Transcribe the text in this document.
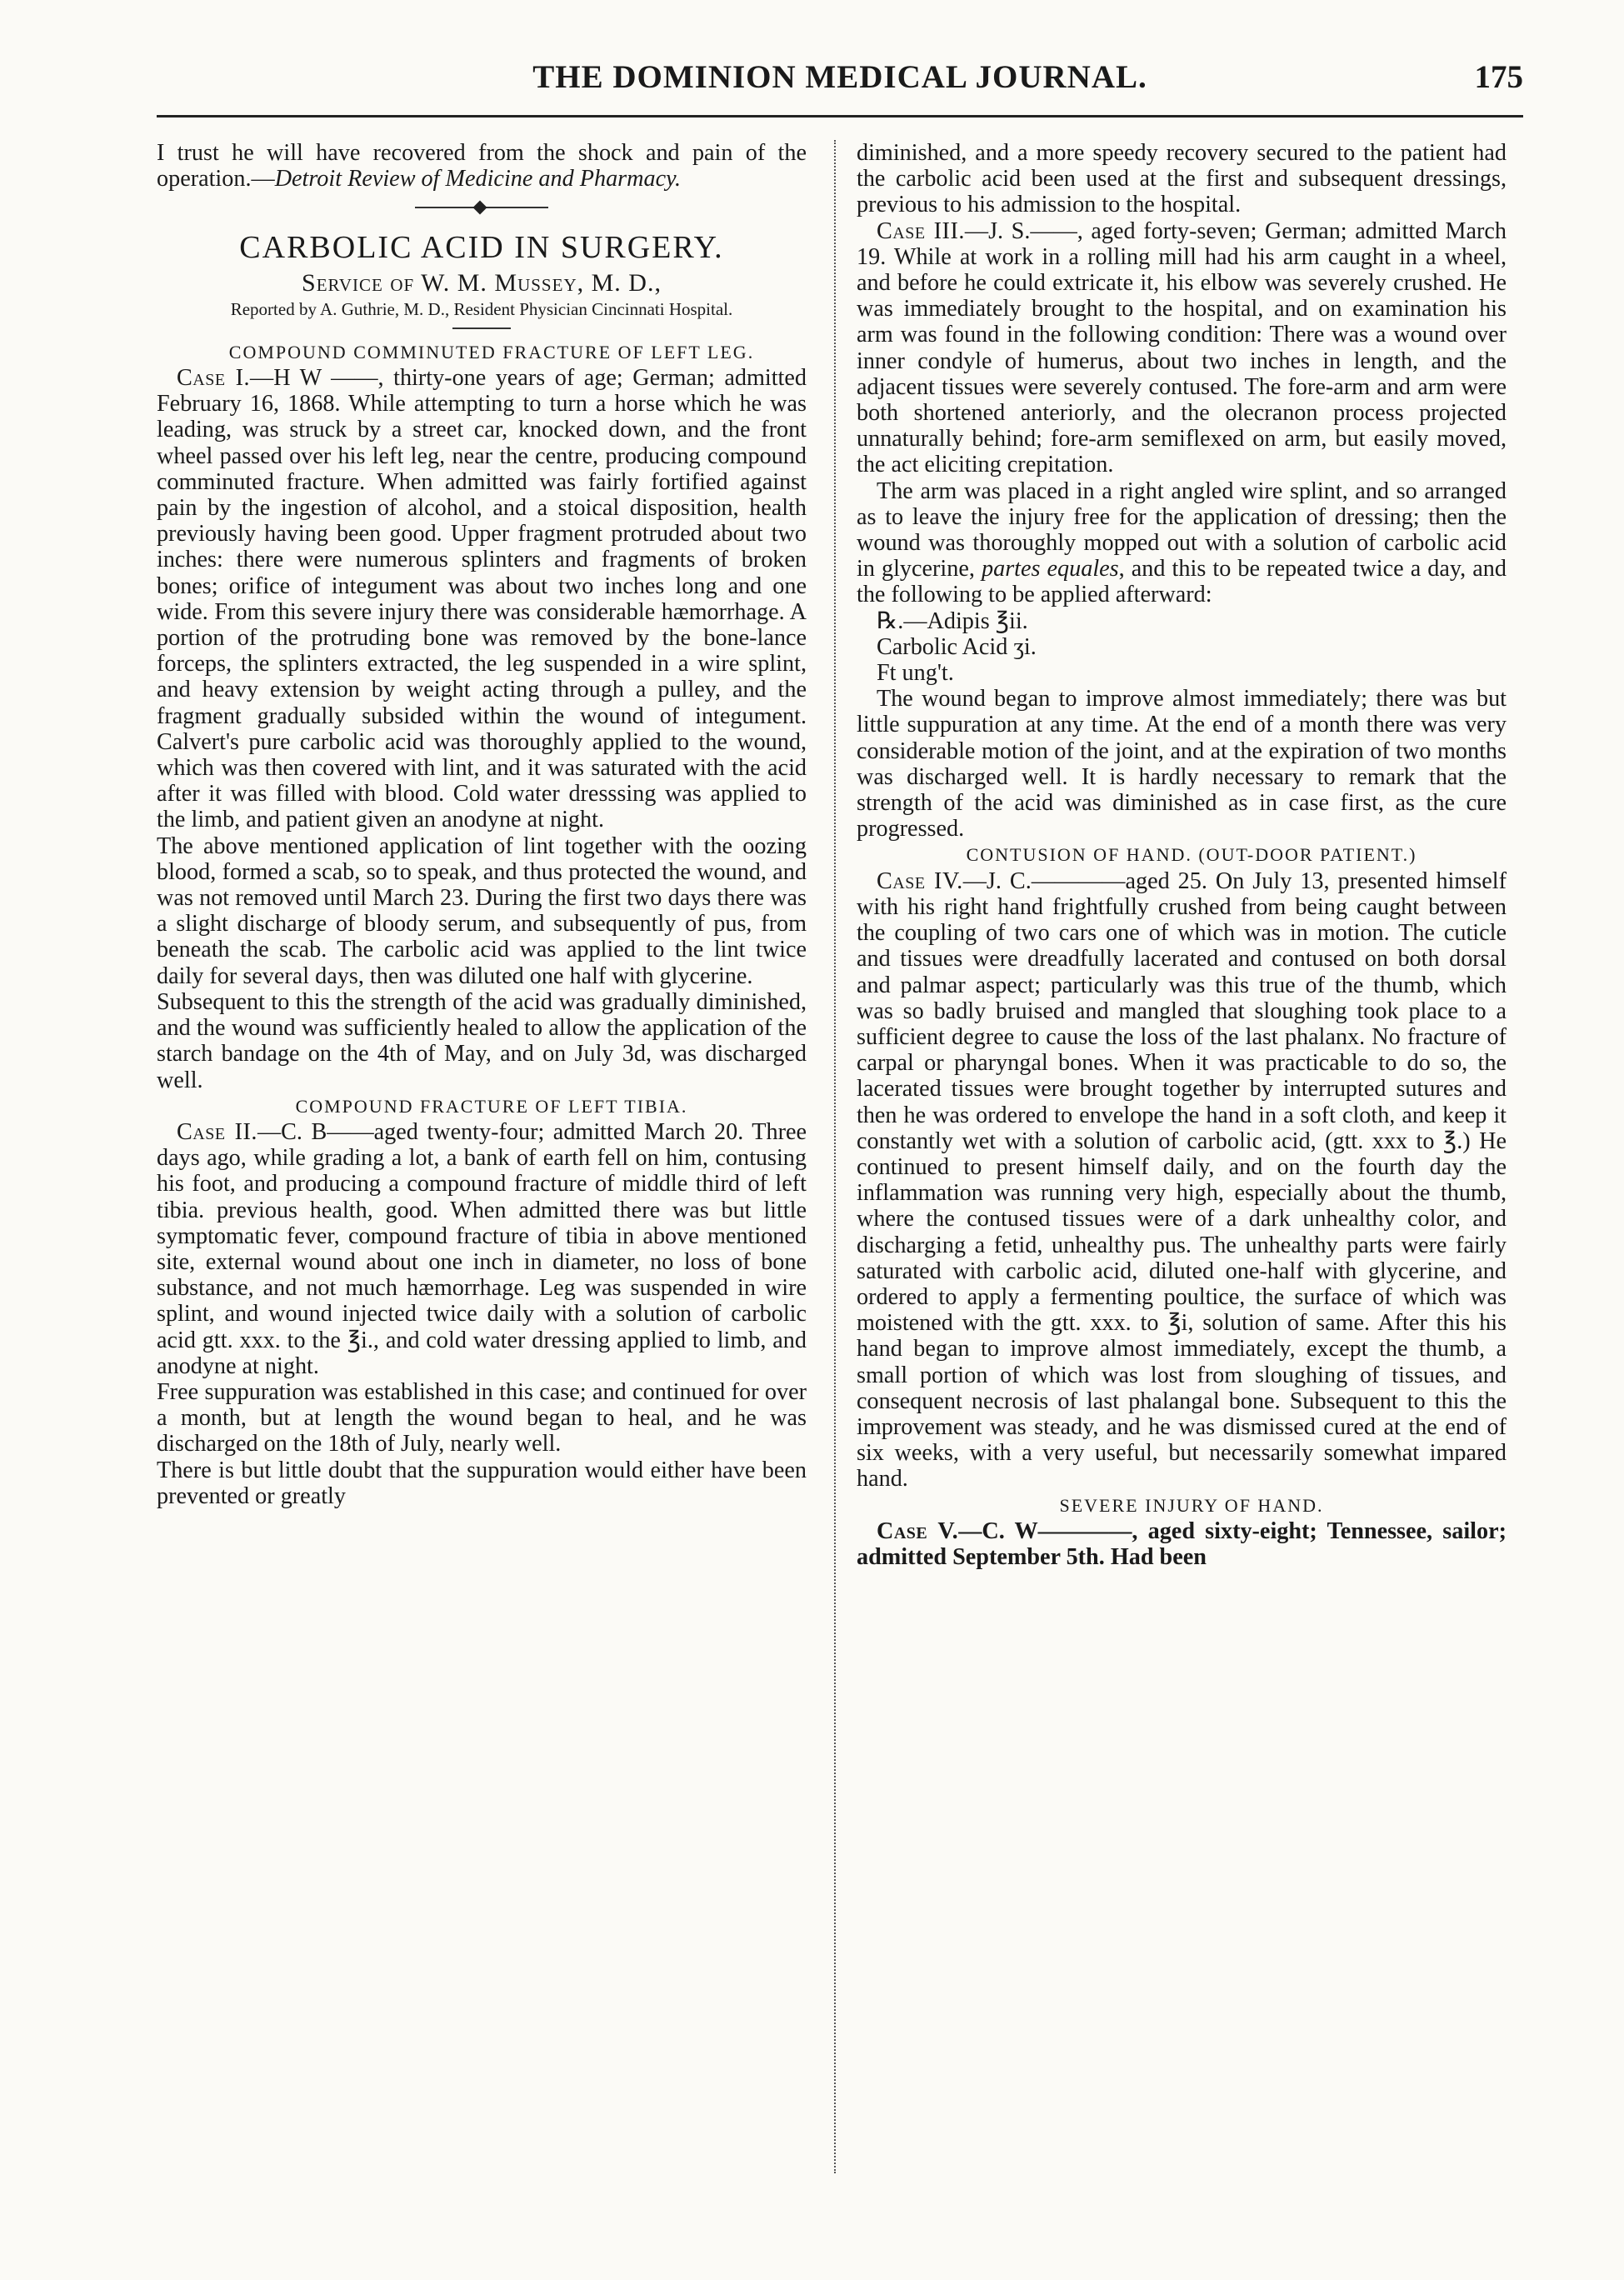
THE DOMINION MEDICAL JOURNAL.	175

I trust he will have recovered from the shock and pain of the operation.—Detroit Review of Medicine and Pharmacy.

CARBOLIC ACID IN SURGERY.
Service of W. M. Mussey, M. D.,
Reported by A. Guthrie, M. D., Resident Physician Cincinnati Hospital.

COMPOUND COMMINUTED FRACTURE OF LEFT LEG.

Case I.—H W ——, thirty-one years of age; German; admitted February 16, 1868. While attempting to turn a horse which he was leading, was struck by a street car, knocked down, and the front wheel passed over his left leg, near the centre, producing compound comminuted fracture. When admitted was fairly fortified against pain by the ingestion of alcohol, and a stoical disposition, health previously having been good. Upper fragment protruded about two inches: there were numerous splinters and fragments of broken bones; orifice of integument was about two inches long and one wide. From this severe injury there was considerable hæmorrhage. A portion of the protruding bone was removed by the bone-lance forceps, the splinters extracted, the leg suspended in a wire splint, and heavy extension by weight acting through a pulley, and the fragment gradually subsided within the wound of integument. Calvert's pure carbolic acid was thoroughly applied to the wound, which was then covered with lint, and it was saturated with the acid after it was filled with blood. Cold water dresssing was applied to the limb, and patient given an anodyne at night.

The above mentioned application of lint together with the oozing blood, formed a scab, so to speak, and thus protected the wound, and was not removed until March 23. During the first two days there was a slight discharge of bloody serum, and subsequently of pus, from beneath the scab. The carbolic acid was applied to the lint twice daily for several days, then was diluted one half with glycerine.

Subsequent to this the strength of the acid was gradually diminished, and the wound was sufficiently healed to allow the application of the starch bandage on the 4th of May, and on July 3d, was discharged well.

COMPOUND FRACTURE OF LEFT TIBIA.

Case II.—C. B——aged twenty-four; admitted March 20. Three days ago, while grading a lot, a bank of earth fell on him, contusing his foot, and producing a compound fracture of middle third of left tibia. previous health, good. When admitted there was but little symptomatic fever, compound fracture of tibia in above mentioned site, external wound about one inch in diameter, no loss of bone substance, and not much hæmorrhage. Leg was suspended in wire splint, and wound injected twice daily with a solution of carbolic acid gtt. xxx. to the ℥i., and cold water dressing applied to limb, and anodyne at night.

Free suppuration was established in this case; and continued for over a month, but at length the wound began to heal, and he was discharged on the 18th of July, nearly well.

There is but little doubt that the suppuration would either have been prevented or greatly

diminished, and a more speedy recovery secured to the patient had the carbolic acid been used at the first and subsequent dressings, previous to his admission to the hospital.

Case III.—J. S.——, aged forty-seven; German; admitted March 19. While at work in a rolling mill had his arm caught in a wheel, and before he could extricate it, his elbow was severely crushed. He was immediately brought to the hospital, and on examination his arm was found in the following condition: There was a wound over inner condyle of humerus, about two inches in length, and the adjacent tissues were severely contused. The fore-arm and arm were both shortened anteriorly, and the olecranon process projected unnaturally behind; fore-arm semiflexed on arm, but easily moved, the act eliciting crepitation.

The arm was placed in a right angled wire splint, and so arranged as to leave the injury free for the application of dressing; then the wound was thoroughly mopped out with a solution of carbolic acid in glycerine, partes equales, and this to be repeated twice a day, and the following to be applied afterward:

℞.—Adipis ℥ii.

Carbolic Acid ʒi.

Ft ung't.

The wound began to improve almost immediately; there was but little suppuration at any time. At the end of a month there was very considerable motion of the joint, and at the expiration of two months was discharged well. It is hardly necessary to remark that the strength of the acid was diminished as in case first, as the cure progressed.

CONTUSION OF HAND. (OUT-DOOR PATIENT.)

Case IV.—J. C.————aged 25. On July 13, presented himself with his right hand frightfully crushed from being caught between the coupling of two cars one of which was in motion. The cuticle and tissues were dreadfully lacerated and contused on both dorsal and palmar aspect; particularly was this true of the thumb, which was so badly bruised and mangled that sloughing took place to a sufficient degree to cause the loss of the last phalanx. No fracture of carpal or pharyngal bones. When it was practicable to do so, the lacerated tissues were brought together by interrupted sutures and then he was ordered to envelope the hand in a soft cloth, and keep it constantly wet with a solution of carbolic acid, (gtt. xxx to ℥.) He continued to present himself daily, and on the fourth day the inflammation was running very high, especially about the thumb, where the contused tissues were of a dark unhealthy color, and discharging a fetid, unhealthy pus. The unhealthy parts were fairly saturated with carbolic acid, diluted one-half with glycerine, and ordered to apply a fermenting poultice, the surface of which was moistened with the gtt. xxx. to ℥i, solution of same. After this his hand began to improve almost immediately, except the thumb, a small portion of which was lost from sloughing of tissues, and consequent necrosis of last phalangal bone. Subsequent to this the improvement was steady, and he was dismissed cured at the end of six weeks, with a very useful, but necessarily somewhat impared hand.

SEVERE INJURY OF HAND.

Case V.—C. W————, aged sixty-eight; Tennessee, sailor; admitted September 5th. Had been
